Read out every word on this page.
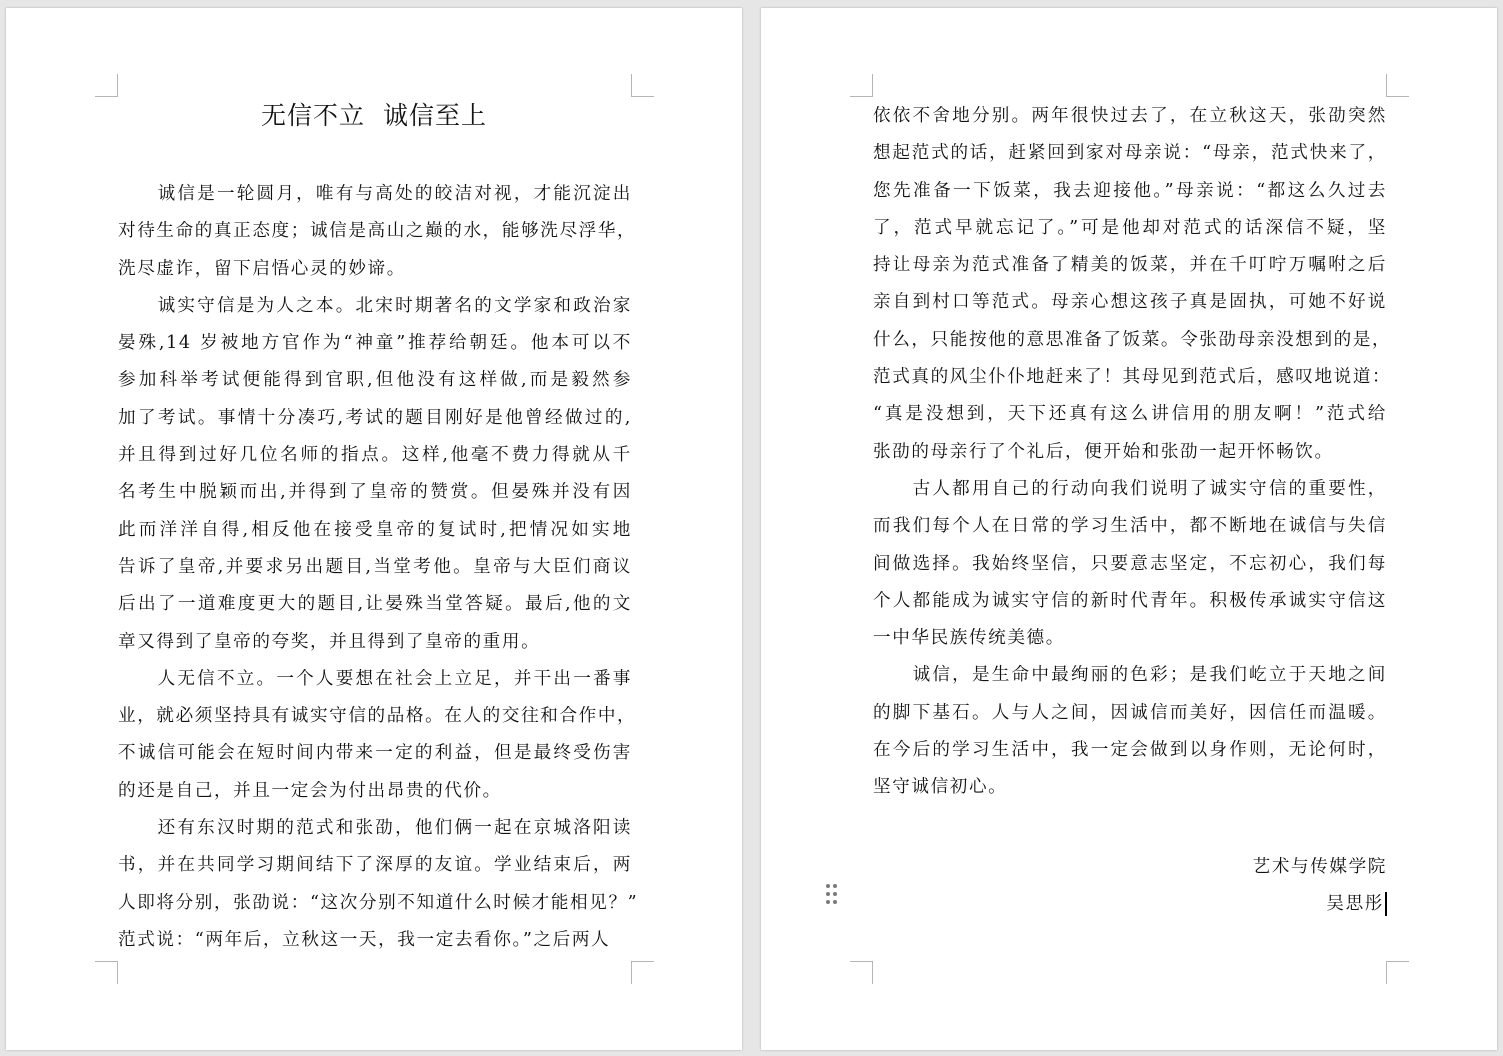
无信不立  诚信至上
　　诚信是一轮圆月，唯有与高处的皎洁对视，才能沉淀出
对待生命的真正态度；诚信是高山之巅的水，能够洗尽浮华，
洗尽虚诈，留下启悟心灵的妙谛。
　　诚实守信是为人之本。北宋时期著名的文学家和政治家
晏殊,14 岁被地方官作为“神童”推荐给朝廷。他本可以不
参加科举考试便能得到官职,但他没有这样做,而是毅然参
加了考试。事情十分凑巧,考试的题目刚好是他曾经做过的,
并且得到过好几位名师的指点。这样,他毫不费力得就从千
名考生中脱颖而出,并得到了皇帝的赞赏。但晏殊并没有因
此而洋洋自得,相反他在接受皇帝的复试时,把情况如实地
告诉了皇帝,并要求另出题目,当堂考他。皇帝与大臣们商议
后出了一道难度更大的题目,让晏殊当堂答疑。最后,他的文
章又得到了皇帝的夸奖，并且得到了皇帝的重用。
　　人无信不立。一个人要想在社会上立足，并干出一番事
业，就必须坚持具有诚实守信的品格。在人的交往和合作中，
不诚信可能会在短时间内带来一定的利益，但是最终受伤害
的还是自己，并且一定会为付出昂贵的代价。
　　还有东汉时期的范式和张劭，他们俩一起在京城洛阳读
书，并在共同学习期间结下了深厚的友谊。学业结束后，两
人即将分别，张劭说：“这次分别不知道什么时候才能相见？”
范式说：“两年后，立秋这一天，我一定去看你。”之后两人
依依不舍地分别。两年很快过去了，在立秋这天，张劭突然
想起范式的话，赶紧回到家对母亲说：“母亲，范式快来了，
您先准备一下饭菜，我去迎接他。”母亲说：“都这么久过去
了，范式早就忘记了。”可是他却对范式的话深信不疑，坚
持让母亲为范式准备了精美的饭菜，并在千叮咛万嘱咐之后
亲自到村口等范式。母亲心想这孩子真是固执，可她不好说
什么，只能按他的意思准备了饭菜。令张劭母亲没想到的是，
范式真的风尘仆仆地赶来了！其母见到范式后，感叹地说道：
“真是没想到，天下还真有这么讲信用的朋友啊！”范式给
张劭的母亲行了个礼后，便开始和张劭一起开怀畅饮。
　　古人都用自己的行动向我们说明了诚实守信的重要性，
而我们每个人在日常的学习生活中，都不断地在诚信与失信
间做选择。我始终坚信，只要意志坚定，不忘初心，我们每
个人都能成为诚实守信的新时代青年。积极传承诚实守信这
一中华民族传统美德。
　　诚信，是生命中最绚丽的色彩；是我们屹立于天地之间
的脚下基石。人与人之间，因诚信而美好，因信任而温暖。
在今后的学习生活中，我一定会做到以身作则，无论何时，
坚守诚信初心。
艺术与传媒学院
吴思彤
